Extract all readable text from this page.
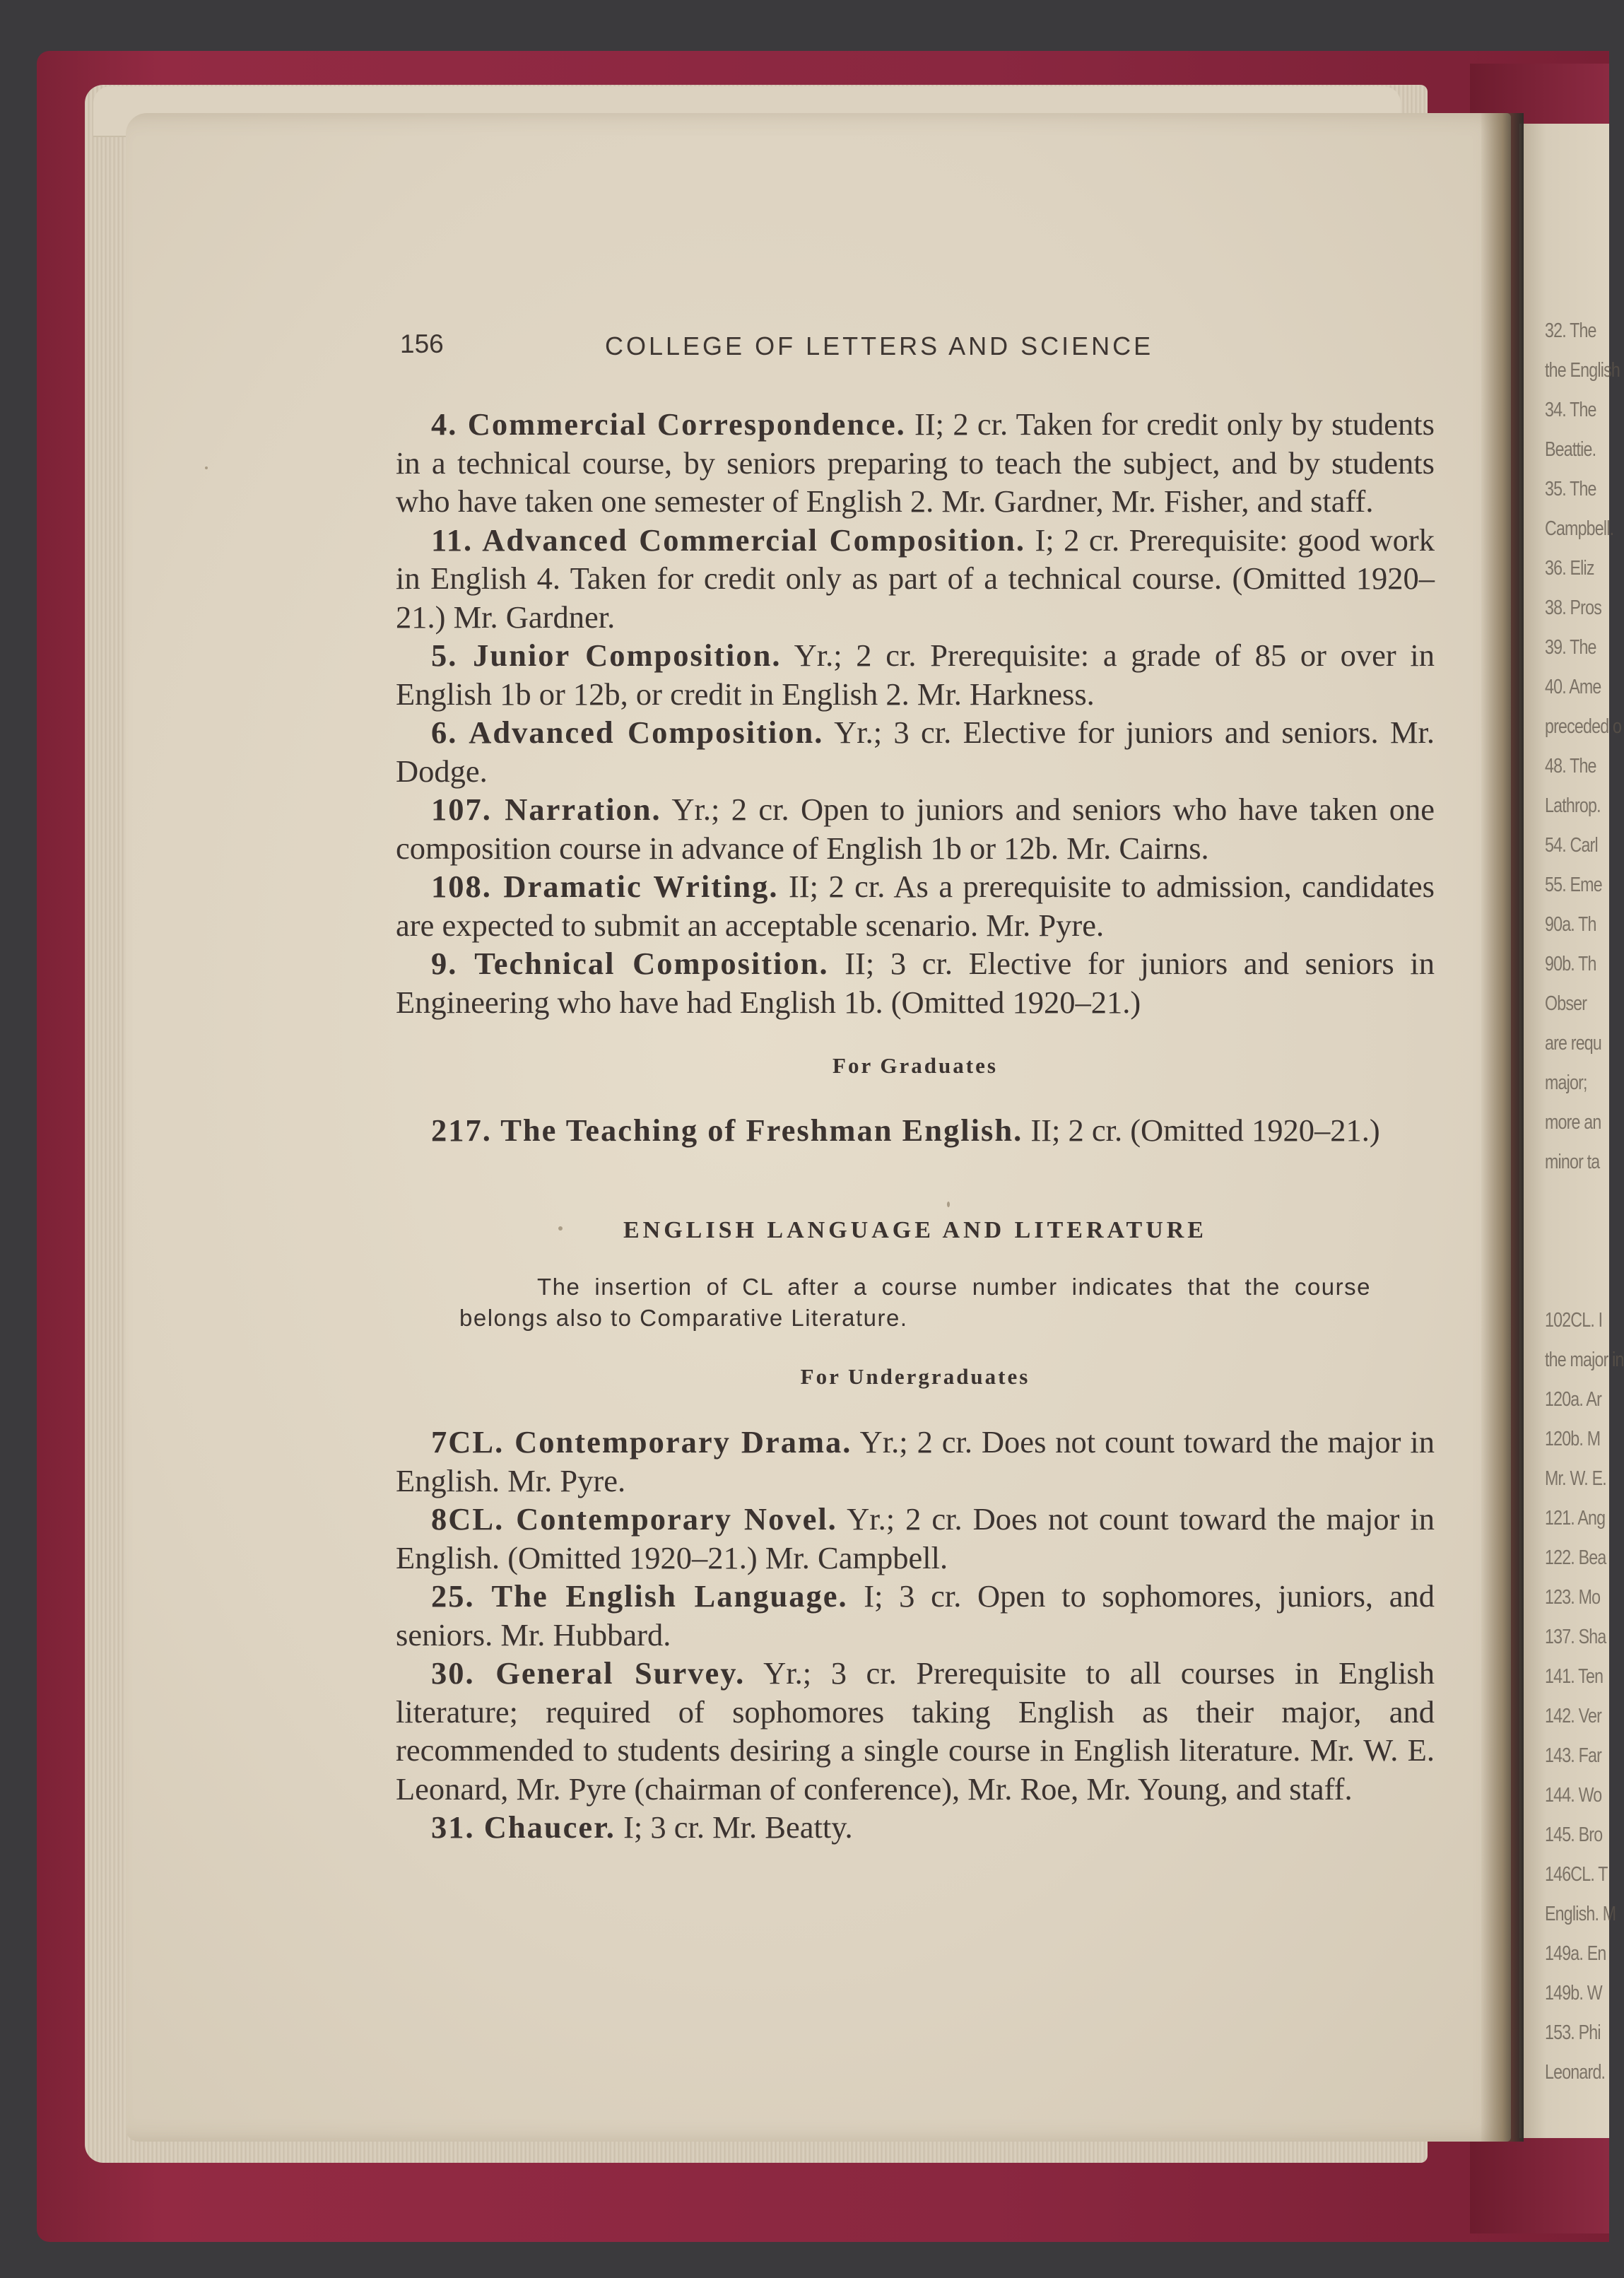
32. The
the English
34. The
Beattie.
35. The
Campbell.
36. Eliz
38. Pros
39. The
40. Ame
preceded o
48. The
Lathrop.
54. Carl
55. Eme
90a. Th
90b. Th
Obser
are requ
major;
more an
minor ta
102CL. I
the major in
120a. Ar
120b. M
Mr. W. E.
121. Ang
122. Bea
123. Mo
137. Sha
141. Ten
142. Ver
143. Far
144. Wo
145. Bro
146CL. T
English. M
149a. En
149b. W
153. Phi
Leonard.
156	COLLEGE OF LETTERS AND SCIENCE

4. Commercial Correspondence. II; 2 cr. Taken for credit only by students in a technical course, by seniors preparing to teach the subject, and by students who have taken one semester of English 2. Mr. Gardner, Mr. Fisher, and staff.

11. Advanced Commercial Composition. I; 2 cr. Prerequisite: good work in English 4. Taken for credit only as part of a technical course. (Omitted 1920–21.) Mr. Gardner.

5. Junior Composition. Yr.; 2 cr. Prerequisite: a grade of 85 or over in English 1b or 12b, or credit in English 2. Mr. Harkness.

6. Advanced Composition. Yr.; 3 cr. Elective for juniors and seniors. Mr. Dodge.

107. Narration. Yr.; 2 cr. Open to juniors and seniors who have taken one composition course in advance of English 1b or 12b. Mr. Cairns.

108. Dramatic Writing. II; 2 cr. As a prerequisite to admission, candidates are expected to submit an acceptable scenario. Mr. Pyre.

9. Technical Composition. II; 3 cr. Elective for juniors and seniors in Engineering who have had English 1b. (Omitted 1920–21.)

For Graduates

217. The Teaching of Freshman English. II; 2 cr. (Omitted 1920–21.)

ENGLISH LANGUAGE AND LITERATURE

The insertion of CL after a course number indicates that the course belongs also to Comparative Literature.

For Undergraduates

7CL. Contemporary Drama. Yr.; 2 cr. Does not count toward the major in English. Mr. Pyre.

8CL. Contemporary Novel. Yr.; 2 cr. Does not count toward the major in English. (Omitted 1920–21.) Mr. Campbell.

25. The English Language. I; 3 cr. Open to sophomores, juniors, and seniors. Mr. Hubbard.

30. General Survey. Yr.; 3 cr. Prerequisite to all courses in English literature; required of sophomores taking English as their major, and recommended to students desiring a single course in English literature. Mr. W. E. Leonard, Mr. Pyre (chairman of conference), Mr. Roe, Mr. Young, and staff.

31. Chaucer. I; 3 cr. Mr. Beatty.
